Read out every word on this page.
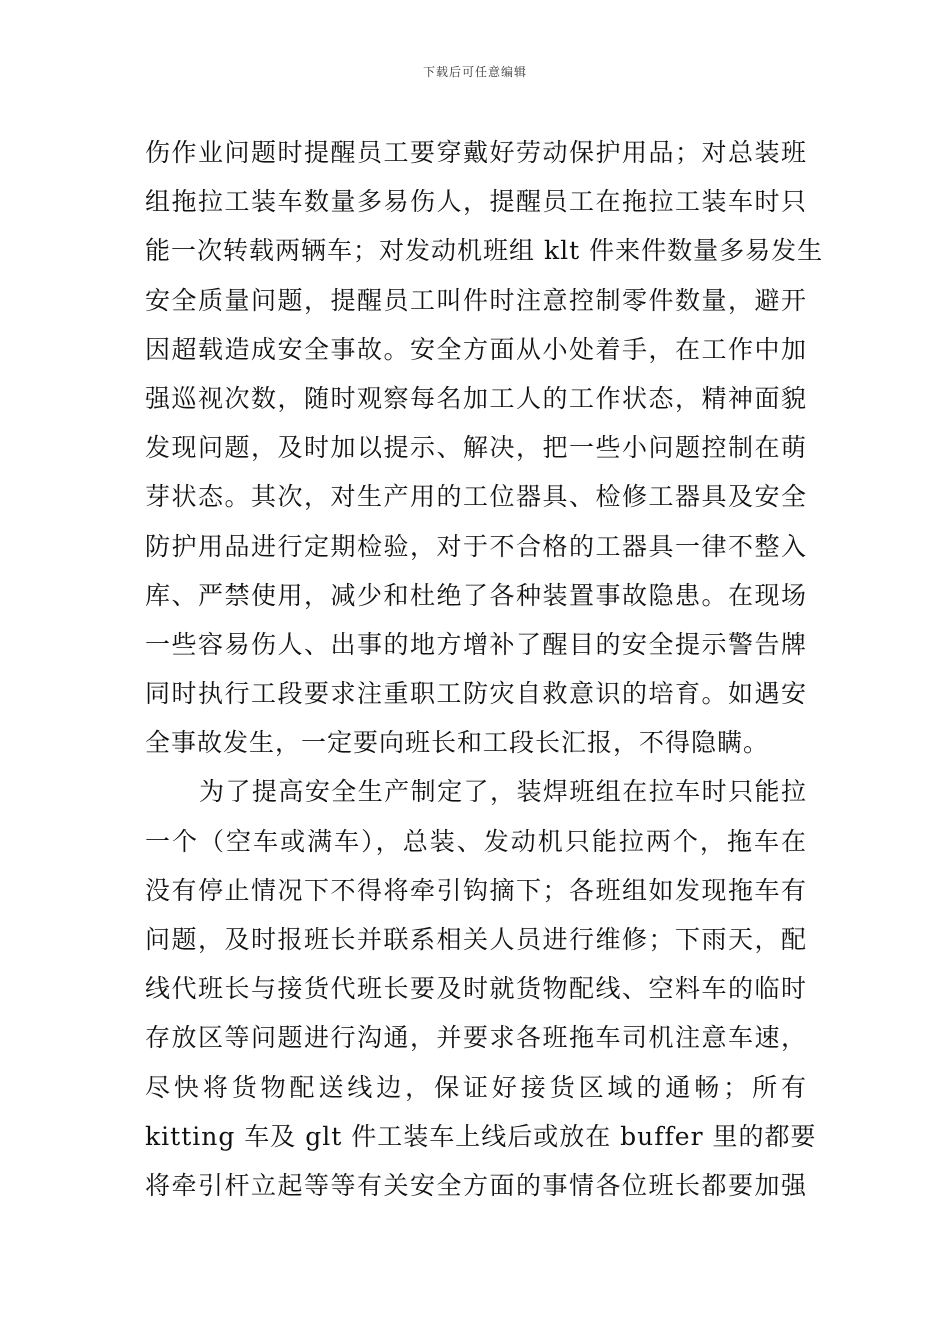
下载后可任意编辑
伤作业问题时提醒员工要穿戴好劳动保护用品；对总装班
组拖拉工装车数量多易伤人，提醒员工在拖拉工装车时只
能一次转载两辆车；对发动机班组 klt 件来件数量多易发生
安全质量问题，提醒员工叫件时注意控制零件数量，避开
因超载造成安全事故。安全方面从小处着手，在工作中加
强巡视次数，随时观察每名加工人的工作状态，精神面貌
发现问题，及时加以提示、解决，把一些小问题控制在萌
芽状态。其次，对生产用的工位器具、检修工器具及安全
防护用品进行定期检验，对于不合格的工器具一律不整入
库、严禁使用，减少和杜绝了各种装置事故隐患。在现场
一些容易伤人、出事的地方增补了醒目的安全提示警告牌
同时执行工段要求注重职工防灾自救意识的培育。如遇安
全事故发生，一定要向班长和工段长汇报，不得隐瞒。
为了提高安全生产制定了，装焊班组在拉车时只能拉
一个（空车或满车），总装、发动机只能拉两个，拖车在
没有停止情况下不得将牵引钩摘下；各班组如发现拖车有
问题，及时报班长并联系相关人员进行维修；下雨天，配
线代班长与接货代班长要及时就货物配线、空料车的临时
存放区等问题进行沟通，并要求各班拖车司机注意车速，
尽快将货物配送线边，保证好接货区域的通畅；所有
kitting 车及 glt 件工装车上线后或放在 buffer 里的都要
将牵引杆立起等等有关安全方面的事情各位班长都要加强
